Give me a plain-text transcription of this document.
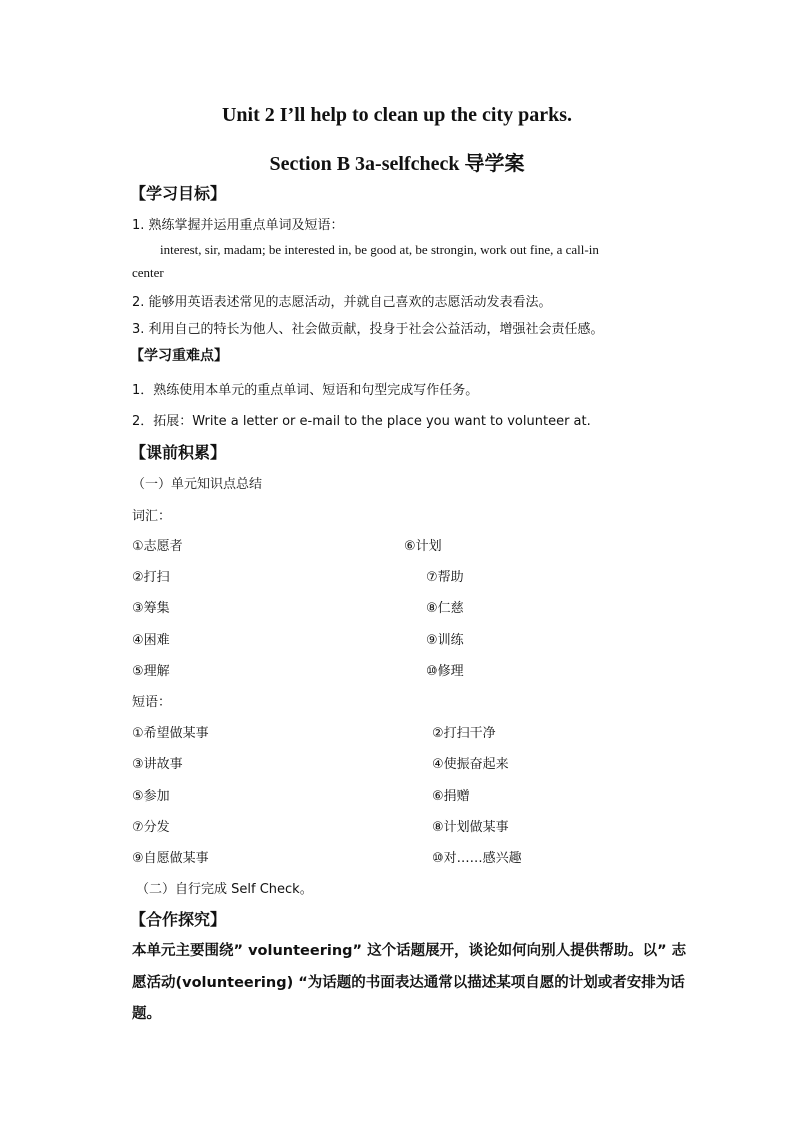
Unit 2 I’ll help to clean up the city parks.
Section B 3a-selfcheck 导学案
【学习目标】
1. 熟练掌握并运用重点单词及短语：
interest, sir, madam; be interested in, be good at, be strongin, work out fine, a call-in
center
2. 能够用英语表述常见的志愿活动，并就自己喜欢的志愿活动发表看法。
3. 利用自己的特长为他人、社会做贡献，投身于社会公益活动，增强社会责任感。
【学习重难点】
1．熟练使用本单元的重点单词、短语和句型完成写作任务。
2．拓展：Write a letter or e-mail to the place you want to volunteer at.
【课前积累】
（一）单元知识点总结
词汇：
①志愿者	⑥计划
②打扫	⑦帮助
③筹集	⑧仁慈
④困难	⑨训练
⑤理解	⑩修理
短语：
①希望做某事	②打扫干净
③讲故事	④使振奋起来
⑤参加	⑥捐赠
⑦分发	⑧计划做某事
⑨自愿做某事	⑩对……感兴趣
（二）自行完成 Self Check。
【合作探究】
本单元主要围绕” volunteering” 这个话题展开，谈论如何向别人提供帮助。以” 志
愿活动(volunteering) “为话题的书面表达通常以描述某项自愿的计划或者安排为话
题。
